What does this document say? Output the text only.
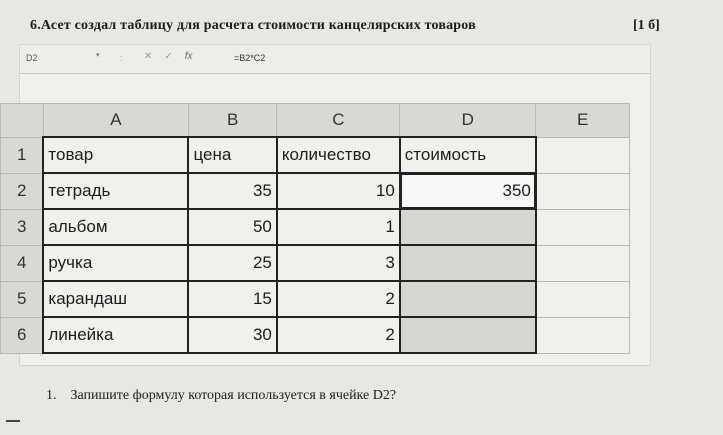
6.Асет создал таблицу для расчета стоимости канцелярских товаров	[1 б]
D2	▾ : ✕✓fx	=B2*C2
	A	B	C	D	E
1	товар	цена	количество	стоимость	
2	тетрадь	35	10	350	
3	альбом	50	1		
4	ручка	25	3		
5	карандаш	15	2		
6	линейка	30	2		
1. Запишите формулу которая используется в ячейке D2?
